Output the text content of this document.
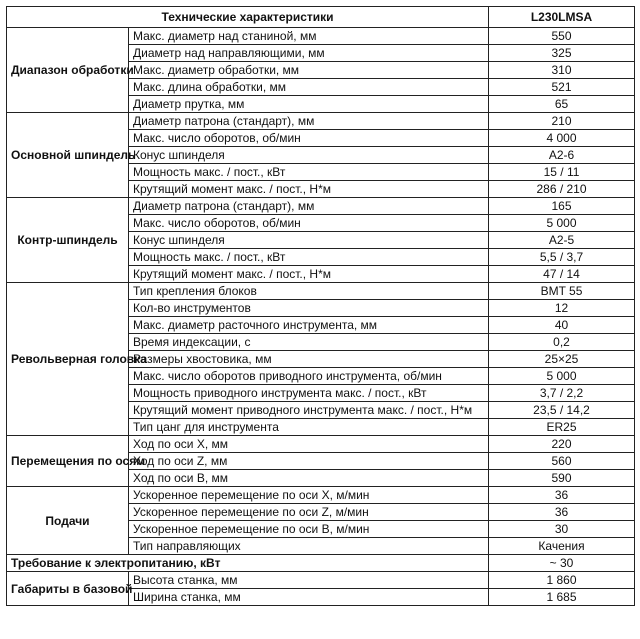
Технические характеристики		L230LMSA
Диапазон обработки	Макс. диаметр над станиной, мм	550
	Диаметр над направляющими, мм	325
	Макс. диаметр обработки, мм	310
	Макс. длина обработки, мм	521
	Диаметр прутка, мм	65
Основной шпиндель	Диаметр патрона (стандарт), мм	210
	Макс. число оборотов, об/мин	4 000
	Конус шпинделя	A2-6
	Мощность макс. / пост., кВт	15 / 11
	Крутящий момент макс. / пост., Н*м	286 / 210
Контр-шпиндель	Диаметр патрона (стандарт), мм	165
	Макс. число оборотов, об/мин	5 000
	Конус шпинделя	A2-5
	Мощность макс. / пост., кВт	5,5 / 3,7
	Крутящий момент макс. / пост., Н*м	47 / 14
Револьверная головка	Тип крепления блоков	BMT 55
	Кол-во инструментов	12
	Макс. диаметр расточного инструмента, мм	40
	Время индексации, с	0,2
	Размеры хвостовика, мм	25×25
	Макс. число оборотов приводного инструмента, об/мин	5 000
	Мощность приводного инструмента макс. / пост., кВт	3,7 / 2,2
	Крутящий момент приводного инструмента макс. / пост., Н*м	23,5 / 14,2
	Тип цанг для инструмента	ER25
Перемещения по осям	Ход по оси X, мм	220
	Ход по оси Z, мм	560
	Ход по оси B, мм	590
Подачи	Ускоренное перемещение по оси X, м/мин	36
	Ускоренное перемещение по оси Z, м/мин	36
	Ускоренное перемещение по оси B, м/мин	30
	Тип направляющих	Качения
Требование к электропитанию, кВт		~ 30
Габариты в базовой	Высота станка, мм	1 860
	Ширина станка, мм	1 685
